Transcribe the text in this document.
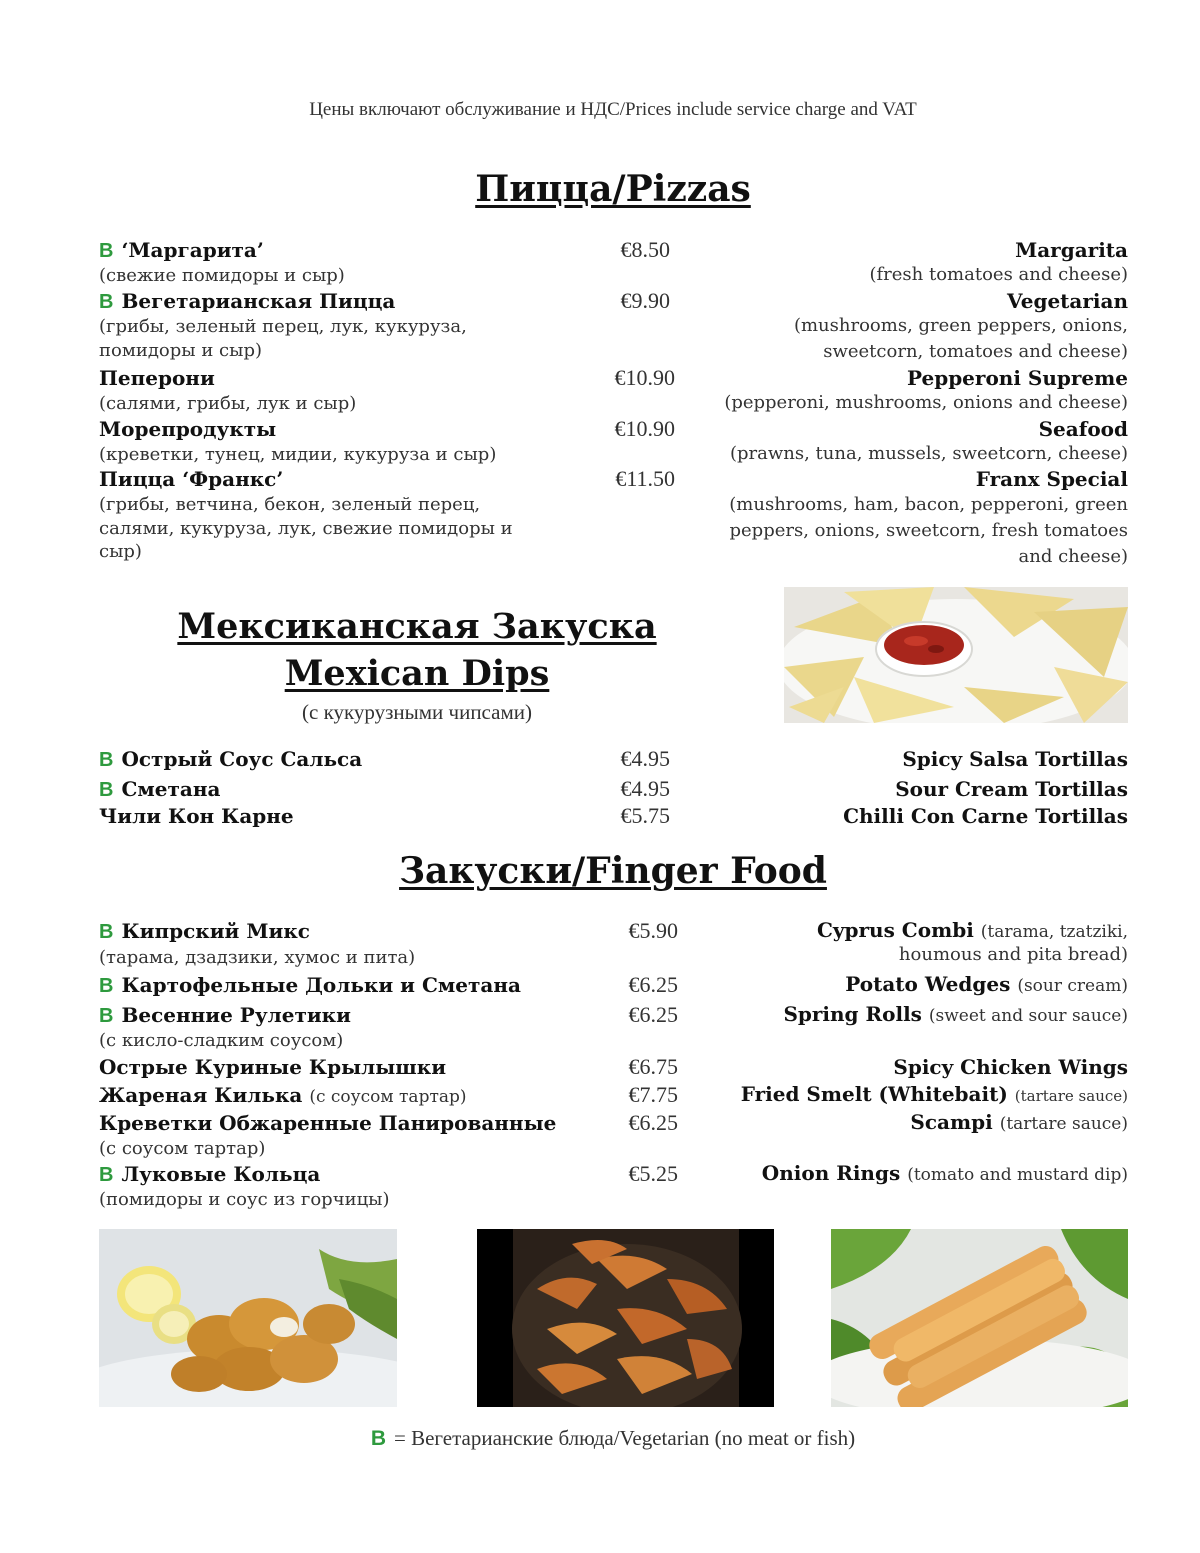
Цены включают обслуживание и НДС/Prices include service charge and VAT
Пицца/Pizzas
B ‘Маргарита’
(свежие помидоры и сыр)
€8.50	Margarita
(fresh tomatoes and cheese)
B Вегетарианская Пицца
(грибы, зеленый перец, лук, кукуруза, помидоры и сыр)
€9.90	Vegetarian
(mushrooms, green peppers, onions, sweetcorn, tomatoes and cheese)
Пеперони
(салями, грибы, лук и сыр)
€10.90	Pepperoni Supreme
(pepperoni, mushrooms, onions and cheese)
Морепродукты
(креветки, тунец, мидии, кукуруза и сыр)
€10.90	Seafood
(prawns, tuna, mussels, sweetcorn, cheese)
Пицца ‘Франкс’
(грибы, ветчина, бекон, зеленый перец, салями, кукуруза, лук, свежие помидоры и сыр)
€11.50	Franx Special
(mushrooms, ham, bacon, pepperoni, green peppers, onions, sweetcorn, fresh tomatoes and cheese)
Мексиканская Закуска
Mexican Dips
(с кукурузными чипсами)
B Острый Соус Сальса	€4.95	Spicy Salsa Tortillas
B Сметана	€4.95	Sour Cream Tortillas
Чили Кон Карне	€5.75	Chilli Con Carne Tortillas
Закуски/Finger Food
B Кипрский Микс
(тарама, дзадзики, хумос и пита)
€5.90	Cyprus Combi (tarama, tzatziki,
houmous and pita bread)
B Картофельные Дольки и Сметана	€6.25	Potato Wedges (sour cream)
B Весенние Рулетики
(с кисло-сладким соусом)
€6.25	Spring Rolls (sweet and sour sauce)
Острые Куриные Крылышки	€6.75	Spicy Chicken Wings
Жареная Килька (с соусом тартар)	€7.75	Fried Smelt (Whitebait) (tartare sauce)
Креветки Обжаренные Панированные
(с соусом тартар)
€6.25	Scampi (tartare sauce)
B Луковые Кольца
(помидоры и соус из горчицы)
€5.25	Onion Rings (tomato and mustard dip)
B = Вегетарианские блюда/Vegetarian (no meat or fish)
